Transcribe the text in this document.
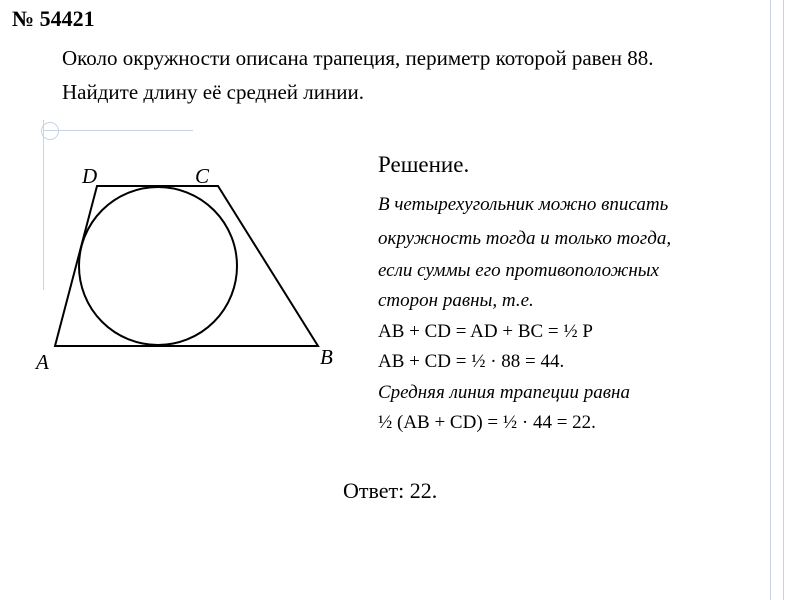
№ 54421
Около окружности описана трапеция, периметр которой равен 88.
Найдите длину её средней линии.
D	C
A	B
Решение.
В четырехугольник можно вписать
окружность тогда и только тогда,
если суммы его противоположных
сторон равны, т.е.
AB + CD = AD + BC = ½ P
AB + CD = ½ · 88 = 44.
Средняя линия трапеции равна
½ (AB + CD) = ½ · 44 = 22.
Ответ: 22.
